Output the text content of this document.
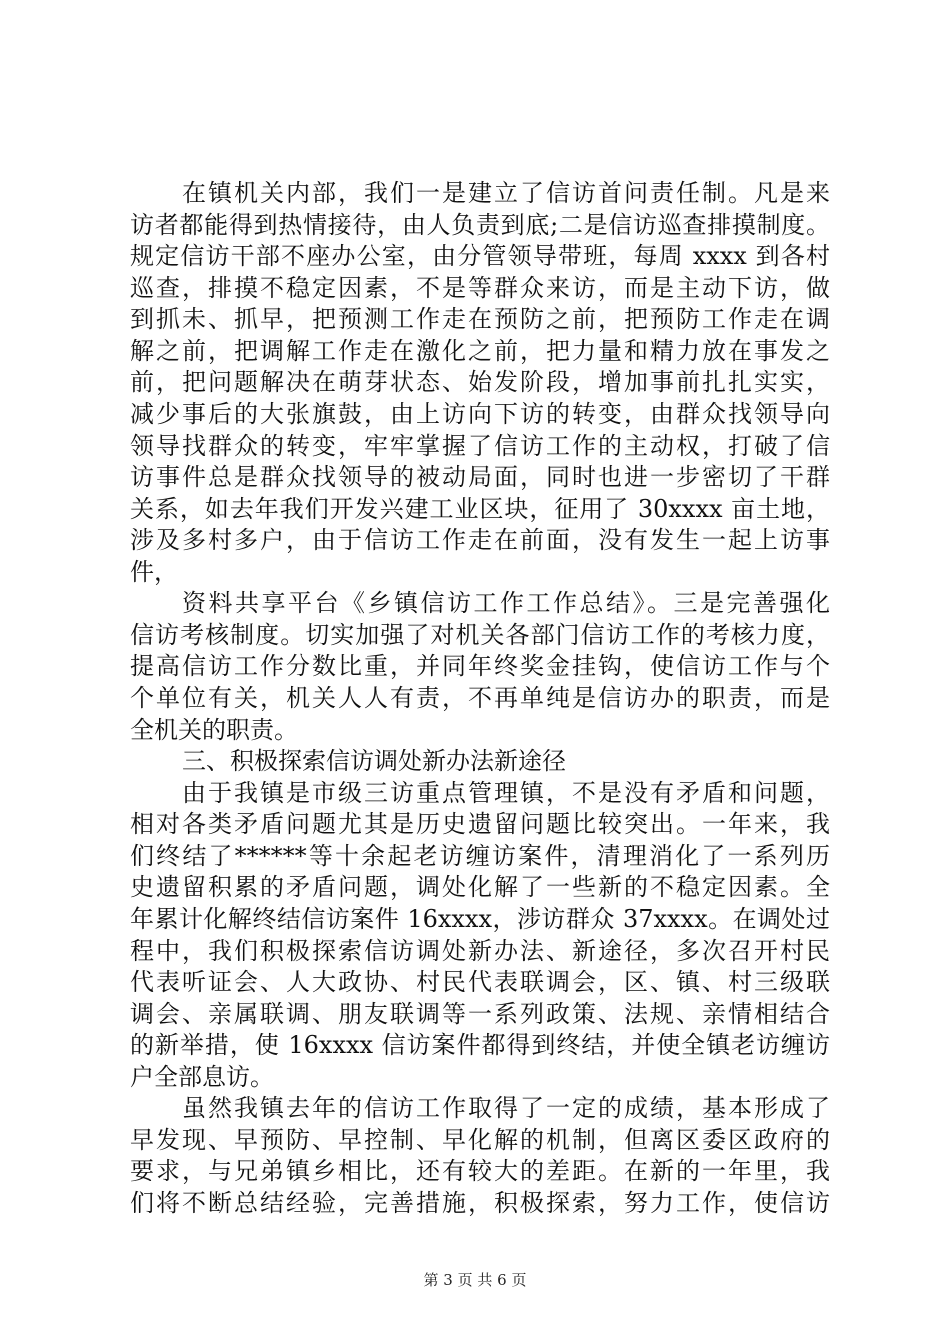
在镇机关内部，我们一是建立了信访首问责任制。凡是来
访者都能得到热情接待，由人负责到底;二是信访巡查排摸制度。
规定信访干部不座办公室，由分管领导带班，每周 xxxx 到各村
巡查，排摸不稳定因素，不是等群众来访，而是主动下访，做
到抓未、抓早，把预测工作走在预防之前，把预防工作走在调
解之前，把调解工作走在激化之前，把力量和精力放在事发之
前，把问题解决在萌芽状态、始发阶段，增加事前扎扎实实，
减少事后的大张旗鼓，由上访向下访的转变，由群众找领导向
领导找群众的转变，牢牢掌握了信访工作的主动权，打破了信
访事件总是群众找领导的被动局面，同时也进一步密切了干群
关系，如去年我们开发兴建工业区块，征用了 30xxxx 亩土地，
涉及多村多户，由于信访工作走在前面，没有发生一起上访事
件，
资料共享平台《乡镇信访工作工作总结》。三是完善强化
信访考核制度。切实加强了对机关各部门信访工作的考核力度，
提高信访工作分数比重，并同年终奖金挂钩，使信访工作与个
个单位有关，机关人人有责，不再单纯是信访办的职责，而是
全机关的职责。
三、积极探索信访调处新办法新途径
由于我镇是市级三访重点管理镇，不是没有矛盾和问题，
相对各类矛盾问题尤其是历史遗留问题比较突出。一年来，我
们终结了******等十余起老访缠访案件，清理消化了一系列历
史遗留积累的矛盾问题，调处化解了一些新的不稳定因素。全
年累计化解终结信访案件 16xxxx，涉访群众 37xxxx。在调处过
程中，我们积极探索信访调处新办法、新途径，多次召开村民
代表听证会、人大政协、村民代表联调会，区、镇、村三级联
调会、亲属联调、朋友联调等一系列政策、法规、亲情相结合
的新举措，使 16xxxx 信访案件都得到终结，并使全镇老访缠访
户全部息访。
虽然我镇去年的信访工作取得了一定的成绩，基本形成了
早发现、早预防、早控制、早化解的机制，但离区委区政府的
要求，与兄弟镇乡相比，还有较大的差距。在新的一年里，我
们将不断总结经验，完善措施，积极探索，努力工作，使信访
第 3 页 共 6 页
